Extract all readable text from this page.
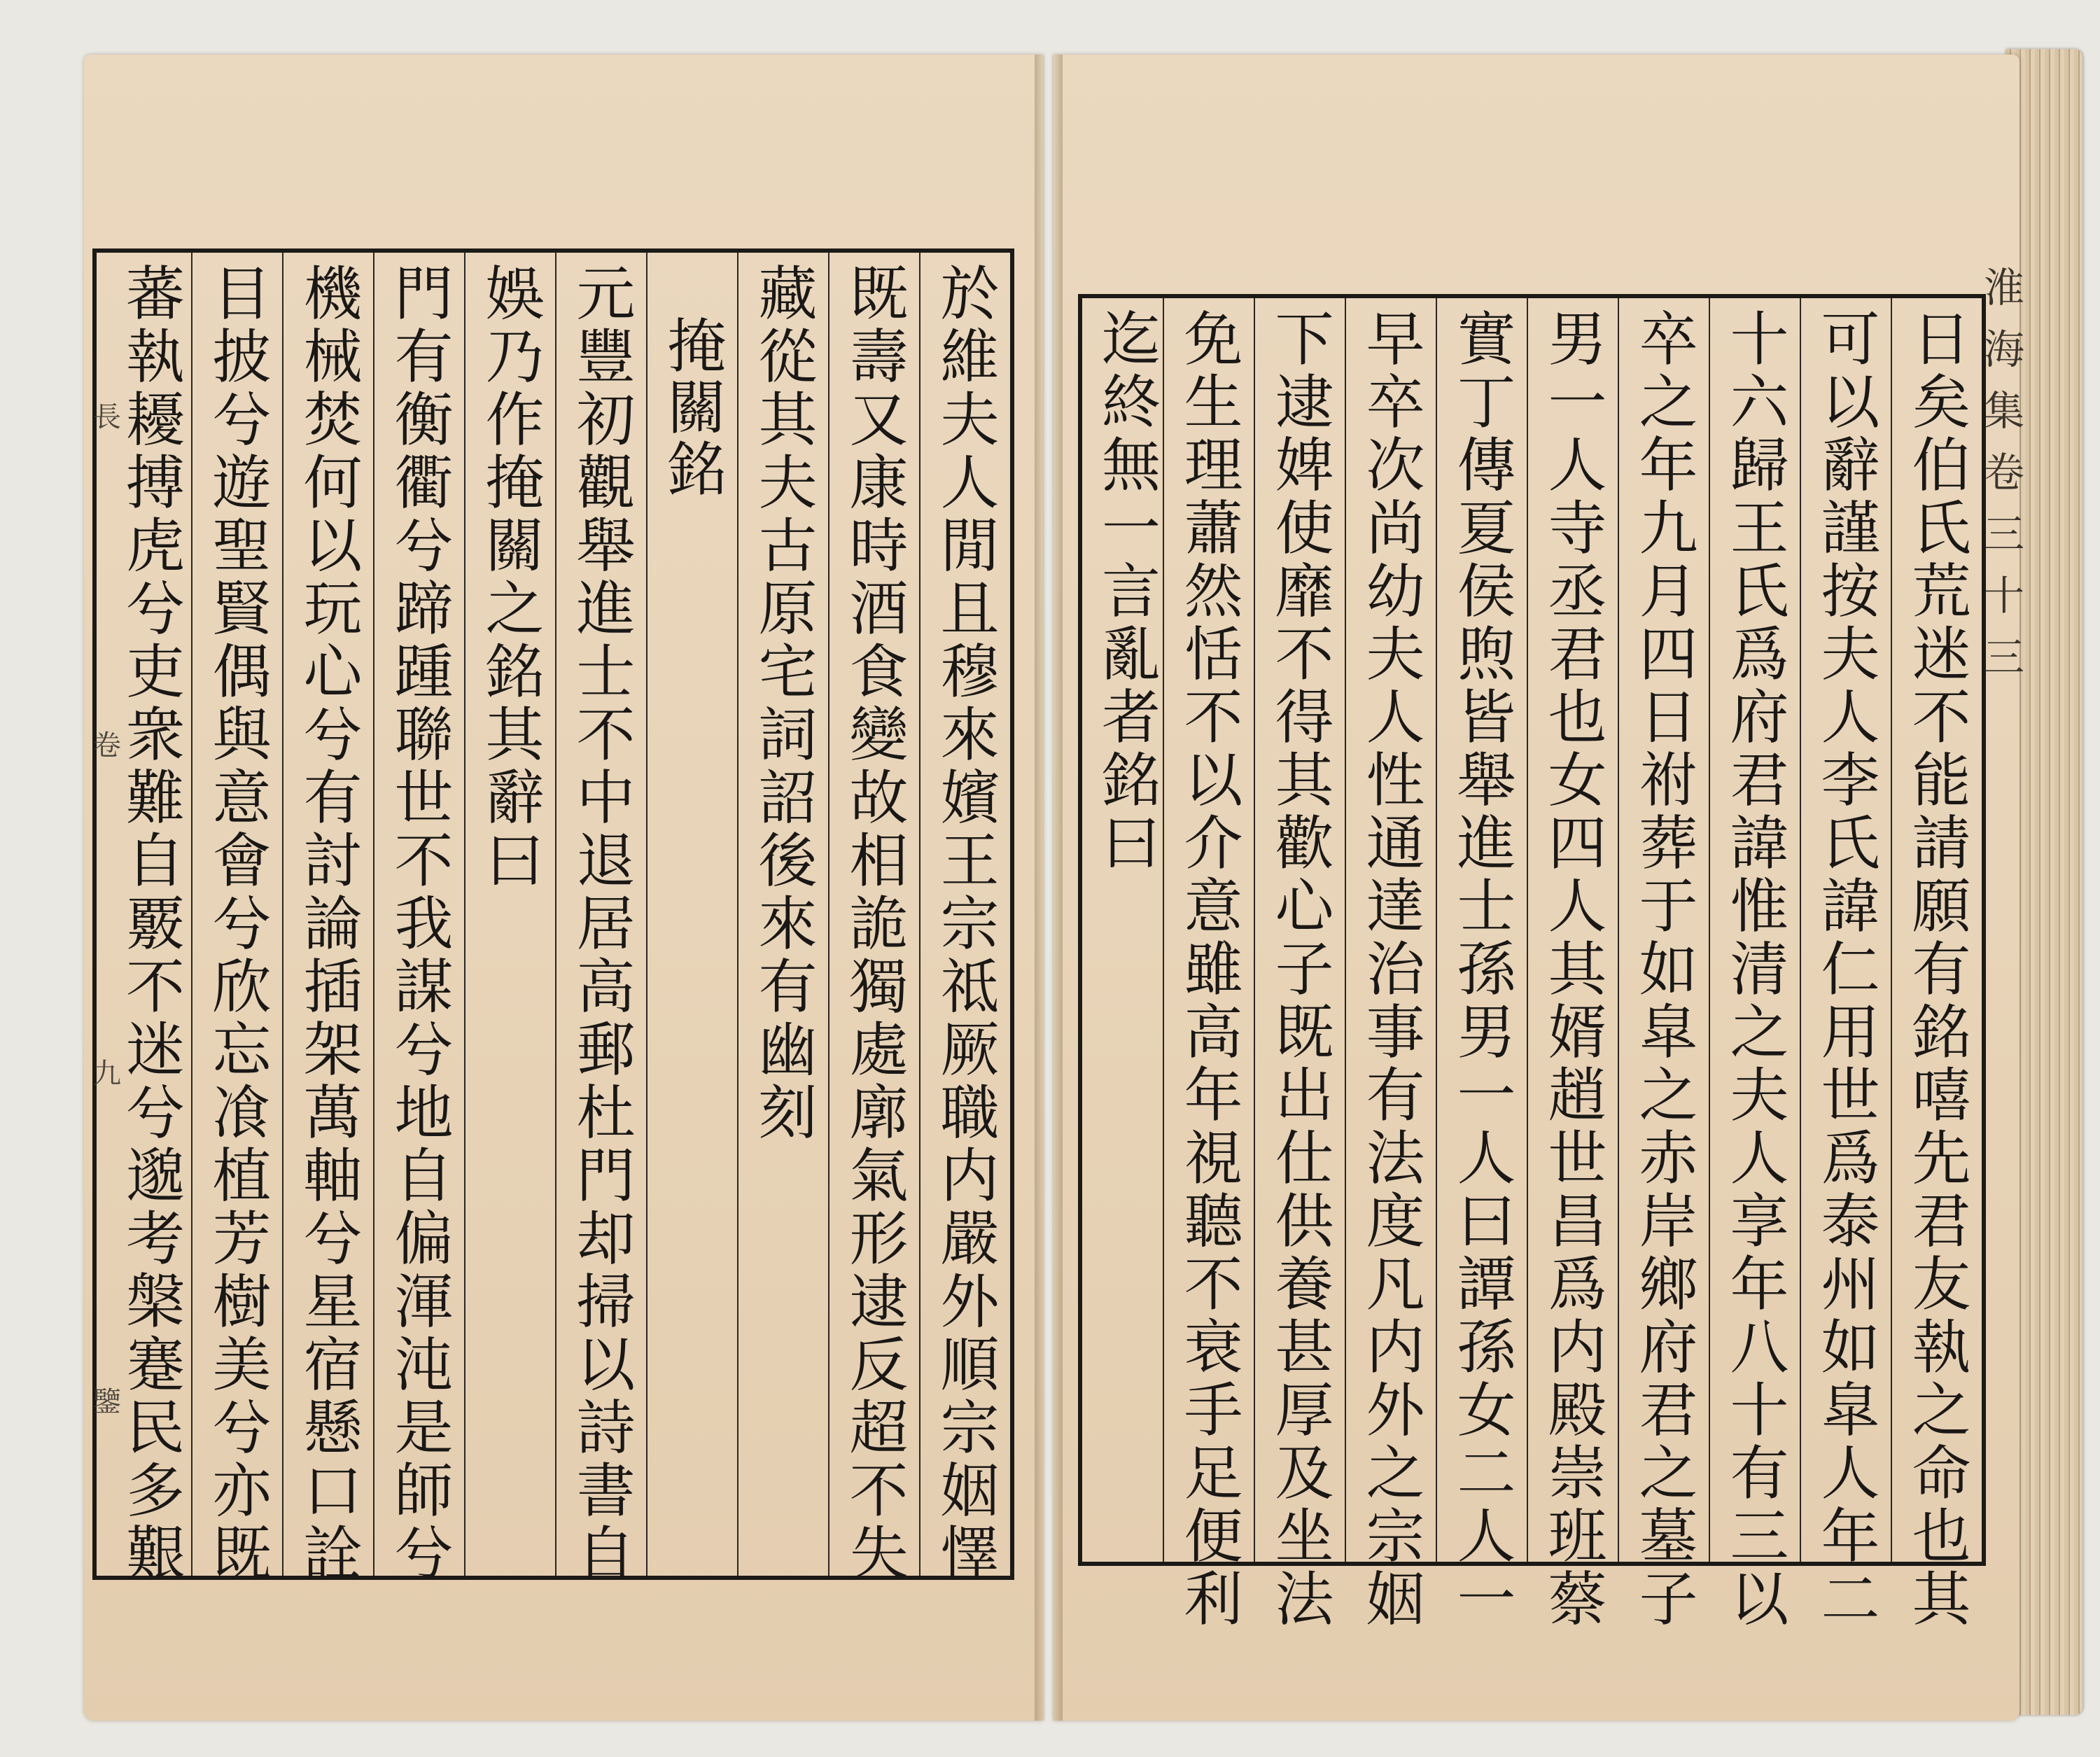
於維夫人閒且穆來嬪王宗祗厥職内嚴外順宗姻懌
既壽又康時酒食變故相詭獨處廓氣形逮反超不失
藏從其夫古原宅詞詔後來有幽刻
掩關銘
元豐初觀舉進士不中退居高郵杜門却掃以詩書自
娛乃作掩關之銘其辭曰
門有衡衢兮蹄踵聯世不我謀兮地自偏渾沌是師兮
機械焚何以玩心兮有討論插架萬軸兮星宿懸口詮
目披兮遊聖賢偶與意會兮欣忘飡植芳樹美兮亦既
蕃執耰搏虎兮吏衆難自覈不迷兮邈考槃蹇民多艱
長
卷
九
鑒	日矣伯氏荒迷不能請願有銘嘻先君友執之命也其
可以辭謹按夫人李氏諱仁用世爲泰州如皐人年二
十六歸王氏爲府君諱惟清之夫人享年八十有三以
卒之年九月四日祔葬于如皐之赤岸鄉府君之墓子
男一人寺丞君也女四人其婿趙世昌爲内殿崇班蔡
實丁傳夏侯煦皆舉進士孫男一人曰譚孫女二人一
早卒次尚幼夫人性通達治事有法度凡内外之宗姻
下逮婢使靡不得其歡心子既出仕供養甚厚及坐法
免生理蕭然恬不以介意雖高年視聽不衰手足便利
迄終無一言亂者銘曰	淮海集卷三十三
